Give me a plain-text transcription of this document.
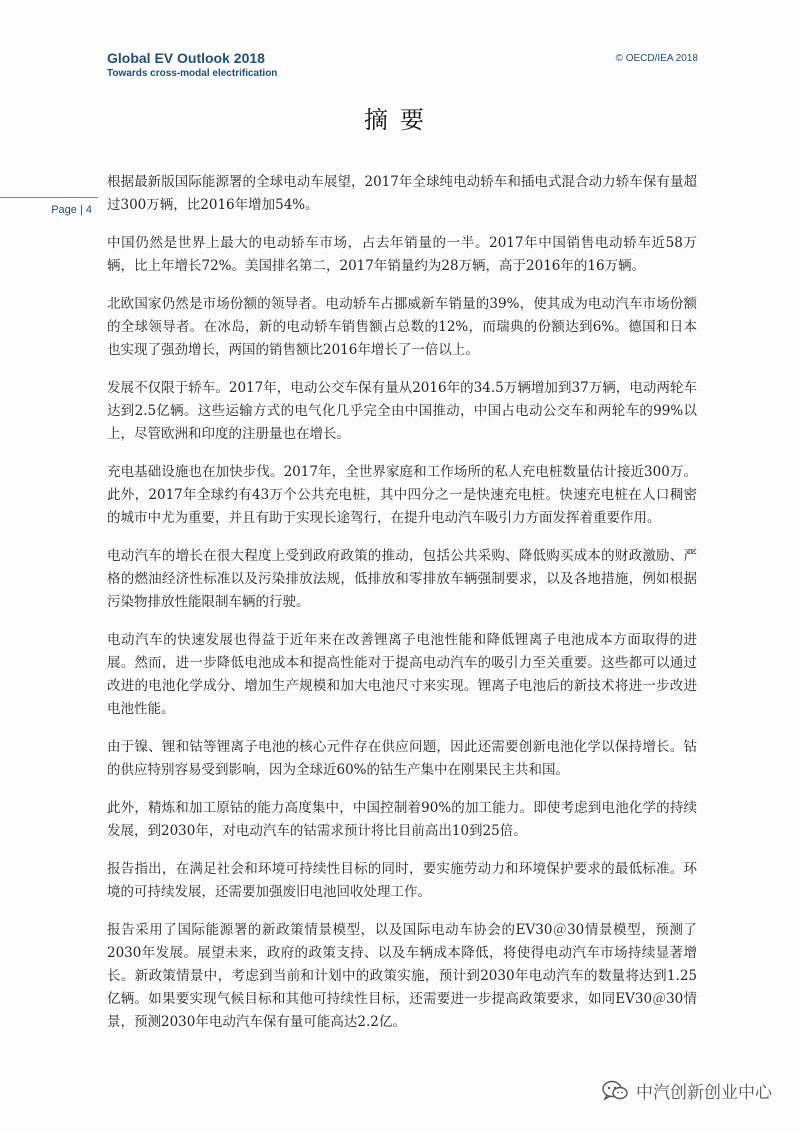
Global EV Outlook 2018
Towards cross-modal electrification
© OECD/IEA 2018
摘要
Page | 4

根据最新版国际能源署的全球电动车展望，2017年全球纯电动轿车和插电式混合动力轿车保有量超过300万辆，比2016年增加54%。

中国仍然是世界上最大的电动轿车市场，占去年销量的一半。2017年中国销售电动轿车近58万辆，比上年增长72%。美国排名第二，2017年销量约为28万辆，高于2016年的16万辆。

北欧国家仍然是市场份额的领导者。电动轿车占挪威新车销量的39%，使其成为电动汽车市场份额的全球领导者。在冰岛，新的电动轿车销售额占总数的12%，而瑞典的份额达到6%。德国和日本也实现了强劲增长，两国的销售额比2016年增长了一倍以上。

发展不仅限于轿车。2017年，电动公交车保有量从2016年的34.5万辆增加到37万辆，电动两轮车达到2.5亿辆。这些运输方式的电气化几乎完全由中国推动，中国占电动公交车和两轮车的99%以上，尽管欧洲和印度的注册量也在增长。

充电基础设施也在加快步伐。2017年，全世界家庭和工作场所的私人充电桩数量估计接近300万。此外，2017年全球约有43万个公共充电桩，其中四分之一是快速充电桩。快速充电桩在人口稠密的城市中尤为重要，并且有助于实现长途驾行，在提升电动汽车吸引力方面发挥着重要作用。

电动汽车的增长在很大程度上受到政府政策的推动，包括公共采购、降低购买成本的财政激励、严格的燃油经济性标准以及污染排放法规，低排放和零排放车辆强制要求，以及各地措施，例如根据污染物排放性能限制车辆的行驶。

电动汽车的快速发展也得益于近年来在改善锂离子电池性能和降低锂离子电池成本方面取得的进展。然而，进一步降低电池成本和提高性能对于提高电动汽车的吸引力至关重要。这些都可以通过改进的电池化学成分、增加生产规模和加大电池尺寸来实现。锂离子电池后的新技术将进一步改进电池性能。

由于镍、锂和钴等锂离子电池的核心元件存在供应问题，因此还需要创新电池化学以保持增长。钴的供应特别容易受到影响，因为全球近60%的钴生产集中在刚果民主共和国。

此外，精炼和加工原钴的能力高度集中，中国控制着90%的加工能力。即使考虑到电池化学的持续发展，到2030年，对电动汽车的钴需求预计将比目前高出10到25倍。

报告指出，在满足社会和环境可持续性目标的同时，要实施劳动力和环境保护要求的最低标准。环境的可持续发展，还需要加强废旧电池回收处理工作。

报告采用了国际能源署的新政策情景模型，以及国际电动车协会的EV30＠30情景模型，预测了2030年发展。展望未来，政府的政策支持、以及车辆成本降低，将使得电动汽车市场持续显著增长。新政策情景中，考虑到当前和计划中的政策实施，预计到2030年电动汽车的数量将达到1.25亿辆。如果要实现气候目标和其他可持续性目标，还需要进一步提高政策要求，如同EV30＠30情景，预测2030年电动汽车保有量可能高达2.2亿。

中汽创新创业中心
